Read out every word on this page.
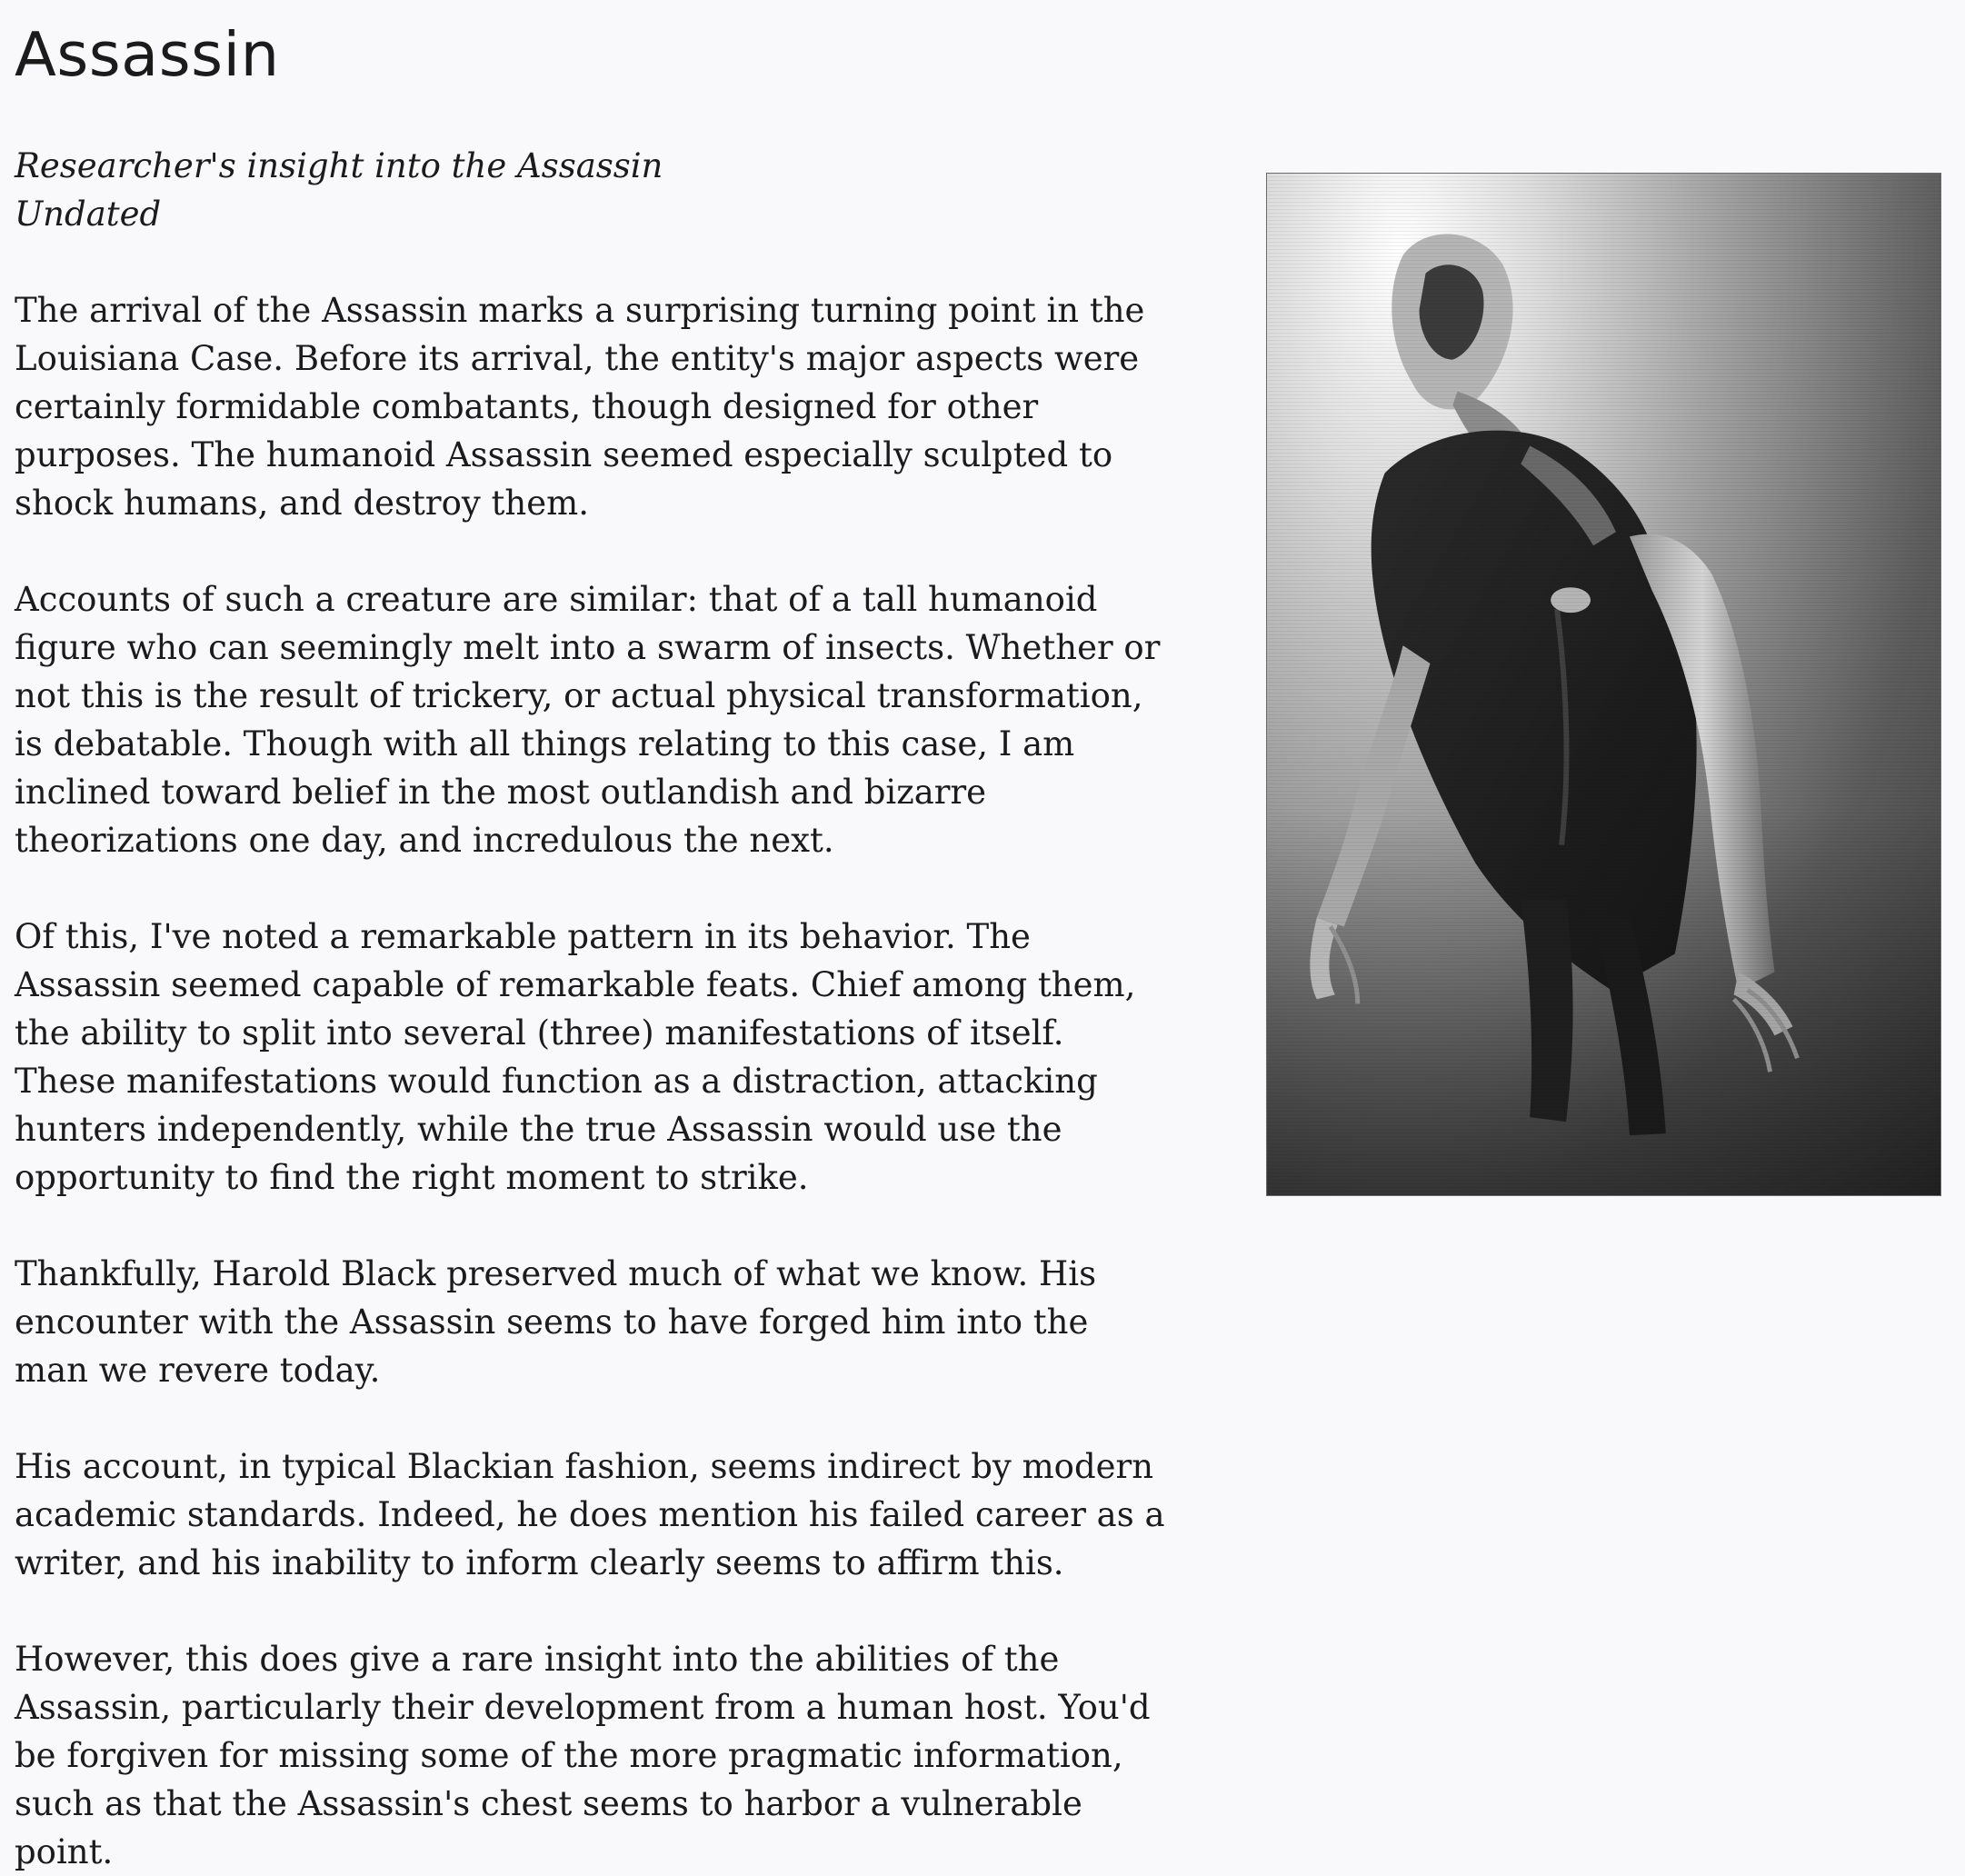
Assassin
Researcher's insight into the Assassin
Undated

The arrival of the Assassin marks a surprising turning point in the Louisiana Case. Before its arrival, the entity's major aspects were certainly formidable combatants, though designed for other purposes. The humanoid Assassin seemed especially sculpted to shock humans, and destroy them.

Accounts of such a creature are similar: that of a tall humanoid figure who can seemingly melt into a swarm of insects. Whether or not this is the result of trickery, or actual physical transformation, is debatable. Though with all things relating to this case, I am inclined toward belief in the most outlandish and bizarre theorizations one day, and incredulous the next.

Of this, I've noted a remarkable pattern in its behavior. The Assassin seemed capable of remarkable feats. Chief among them, the ability to split into several (three) manifestations of itself. These manifestations would function as a distraction, attacking hunters independently, while the true Assassin would use the opportunity to find the right moment to strike.

Thankfully, Harold Black preserved much of what we know. His encounter with the Assassin seems to have forged him into the man we revere today.

His account, in typical Blackian fashion, seems indirect by modern academic standards. Indeed, he does mention his failed career as a writer, and his inability to inform clearly seems to affirm this.

However, this does give a rare insight into the abilities of the Assassin, particularly their development from a human host. You'd be forgiven for missing some of the more pragmatic information, such as that the Assassin's chest seems to harbor a vulnerable point.
